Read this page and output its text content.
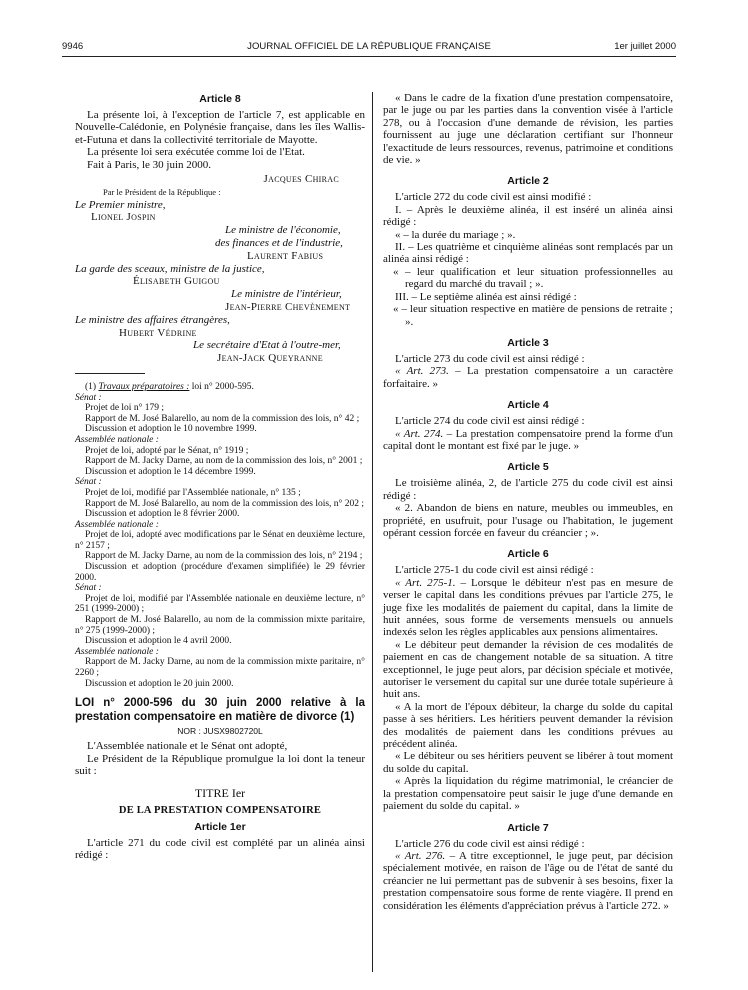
9946	JOURNAL OFFICIEL DE LA RÉPUBLIQUE FRANÇAISE	1er juillet 2000
Article 8

La présente loi, à l'exception de l'article 7, est applicable en Nouvelle-Calédonie, en Polynésie française, dans les îles Wallis-et-Futuna et dans la collectivité territoriale de Mayotte.

La présente loi sera exécutée comme loi de l'Etat.

Fait à Paris, le 30 juin 2000.

Jacques Chirac

Par le Président de la République :

Le Premier ministre,

Lionel Jospin

Le ministre de l'économie,

des finances et de l'industrie,

Laurent Fabius

La garde des sceaux, ministre de la justice,

Élisabeth Guigou

Le ministre de l'intérieur,

Jean-Pierre Chevènement

Le ministre des affaires étrangères,

Hubert Védrine

Le secrétaire d'Etat à l'outre-mer,

Jean-Jack Queyranne

(1) Travaux préparatoires : loi n° 2000-595.

Sénat :

Projet de loi n° 179 ;

Rapport de M. José Balarello, au nom de la commission des lois, n° 42 ;

Discussion et adoption le 10 novembre 1999.

Assemblée nationale :

Projet de loi, adopté par le Sénat, n° 1919 ;

Rapport de M. Jacky Darne, au nom de la commission des lois, n° 2001 ;

Discussion et adoption le 14 décembre 1999.

Sénat :

Projet de loi, modifié par l'Assemblée nationale, n° 135 ;

Rapport de M. José Balarello, au nom de la commission des lois, n° 202 ;

Discussion et adoption le 8 février 2000.

Assemblée nationale :

Projet de loi, adopté avec modifications par le Sénat en deuxième lecture, n° 2157 ;

Rapport de M. Jacky Darne, au nom de la commission des lois, n° 2194 ;

Discussion et adoption (procédure d'examen simplifiée) le 29 février 2000.

Sénat :

Projet de loi, modifié par l'Assemblée nationale en deuxième lecture, n° 251 (1999-2000) ;

Rapport de M. José Balarello, au nom de la commission mixte paritaire, n° 275 (1999-2000) ;

Discussion et adoption le 4 avril 2000.

Assemblée nationale :

Rapport de M. Jacky Darne, au nom de la commission mixte paritaire, n° 2260 ;

Discussion et adoption le 20 juin 2000.

LOI n° 2000-596 du 30 juin 2000 relative à la prestation compensatoire en matière de divorce (1)

NOR : JUSX9802720L

L'Assemblée nationale et le Sénat ont adopté,

Le Président de la République promulgue la loi dont la teneur suit :

TITRE Ier

DE LA PRESTATION COMPENSATOIRE

Article 1er

L'article 271 du code civil est complété par un alinéa ainsi rédigé :

« Dans le cadre de la fixation d'une prestation compensatoire, par le juge ou par les parties dans la convention visée à l'article 278, ou à l'occasion d'une demande de révision, les parties fournissent au juge une déclaration certifiant sur l'honneur l'exactitude de leurs ressources, revenus, patrimoine et conditions de vie. »

Article 2

L'article 272 du code civil est ainsi modifié :

I. – Après le deuxième alinéa, il est inséré un alinéa ainsi rédigé :

« – la durée du mariage ; ».

II. – Les quatrième et cinquième alinéas sont remplacés par un alinéa ainsi rédigé :

« – leur qualification et leur situation professionnelles au regard du marché du travail ; ».

III. – Le septième alinéa est ainsi rédigé :

« – leur situation respective en matière de pensions de retraite ; ».

Article 3

L'article 273 du code civil est ainsi rédigé :

« Art. 273. – La prestation compensatoire a un caractère forfaitaire. »

Article 4

L'article 274 du code civil est ainsi rédigé :

« Art. 274. – La prestation compensatoire prend la forme d'un capital dont le montant est fixé par le juge. »

Article 5

Le troisième alinéa, 2, de l'article 275 du code civil est ainsi rédigé :

« 2. Abandon de biens en nature, meubles ou immeubles, en propriété, en usufruit, pour l'usage ou l'habitation, le jugement opérant cession forcée en faveur du créancier ; ».

Article 6

L'article 275-1 du code civil est ainsi rédigé :

« Art. 275-1. – Lorsque le débiteur n'est pas en mesure de verser le capital dans les conditions prévues par l'article 275, le juge fixe les modalités de paiement du capital, dans la limite de huit années, sous forme de versements mensuels ou annuels indexés selon les règles applicables aux pensions alimentaires.

« Le débiteur peut demander la révision de ces modalités de paiement en cas de changement notable de sa situation. A titre exceptionnel, le juge peut alors, par décision spéciale et motivée, autoriser le versement du capital sur une durée totale supérieure à huit ans.

« A la mort de l'époux débiteur, la charge du solde du capital passe à ses héritiers. Les héritiers peuvent demander la révision des modalités de paiement dans les conditions prévues au précédent alinéa.

« Le débiteur ou ses héritiers peuvent se libérer à tout moment du solde du capital.

« Après la liquidation du régime matrimonial, le créancier de la prestation compensatoire peut saisir le juge d'une demande en paiement du solde du capital. »

Article 7

L'article 276 du code civil est ainsi rédigé :

« Art. 276. – A titre exceptionnel, le juge peut, par décision spécialement motivée, en raison de l'âge ou de l'état de santé du créancier ne lui permettant pas de subvenir à ses besoins, fixer la prestation compensatoire sous forme de rente viagère. Il prend en considération les éléments d'appréciation prévus à l'article 272. »
